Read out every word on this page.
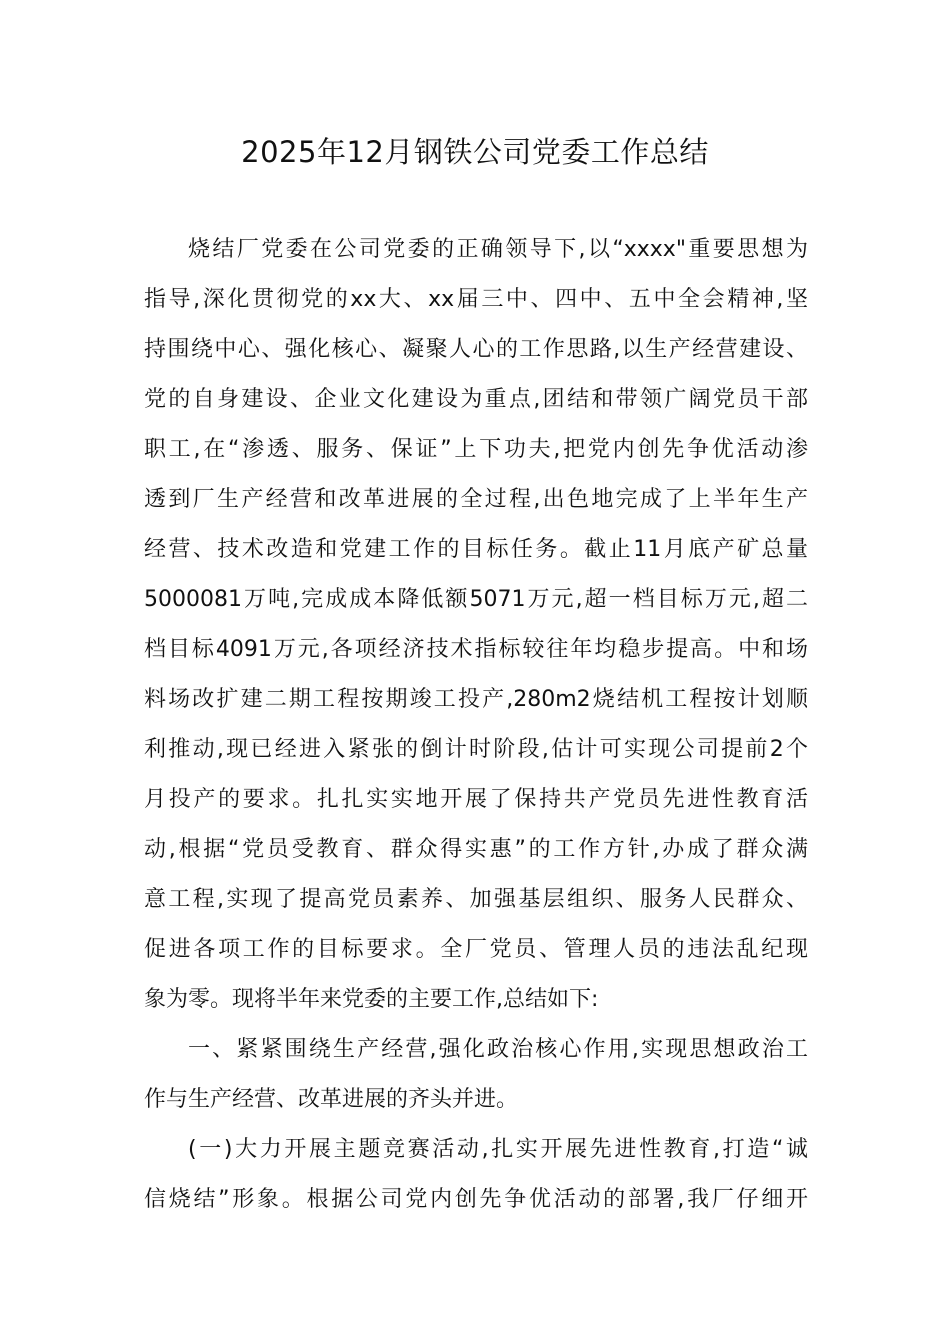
2025年12月钢铁公司党委工作总结
烧结厂党委在公司党委的正确领导下,以“xxxx"重要思想为
指导,深化贯彻党的xx大、xx届三中、四中、五中全会精神,坚
持围绕中心、强化核心、凝聚人心的工作思路,以生产经营建设、
党的自身建设、企业文化建设为重点,团结和带领广阔党员干部
职工,在“渗透、服务、保证”上下功夫,把党内创先争优活动渗
透到厂生产经营和改革进展的全过程,出色地完成了上半年生产
经营、技术改造和党建工作的目标任务。截止11月底产矿总量
5000081万吨,完成成本降低额5071万元,超一档目标万元,超二
档目标4091万元,各项经济技术指标较往年均稳步提高。中和场
料场改扩建二期工程按期竣工投产,280m2烧结机工程按计划顺
利推动,现已经进入紧张的倒计时阶段,估计可实现公司提前2个
月投产的要求。扎扎实实地开展了保持共产党员先进性教育活
动,根据“党员受教育、群众得实惠”的工作方针,办成了群众满
意工程,实现了提高党员素养、加强基层组织、服务人民群众、
促进各项工作的目标要求。全厂党员、管理人员的违法乱纪现
象为零。现将半年来党委的主要工作,总结如下:
一、紧紧围绕生产经营,强化政治核心作用,实现思想政治工
作与生产经营、改革进展的齐头并进。
(一)大力开展主题竞赛活动,扎实开展先进性教育,打造“诚
信烧结”形象。根据公司党内创先争优活动的部署,我厂仔细开
